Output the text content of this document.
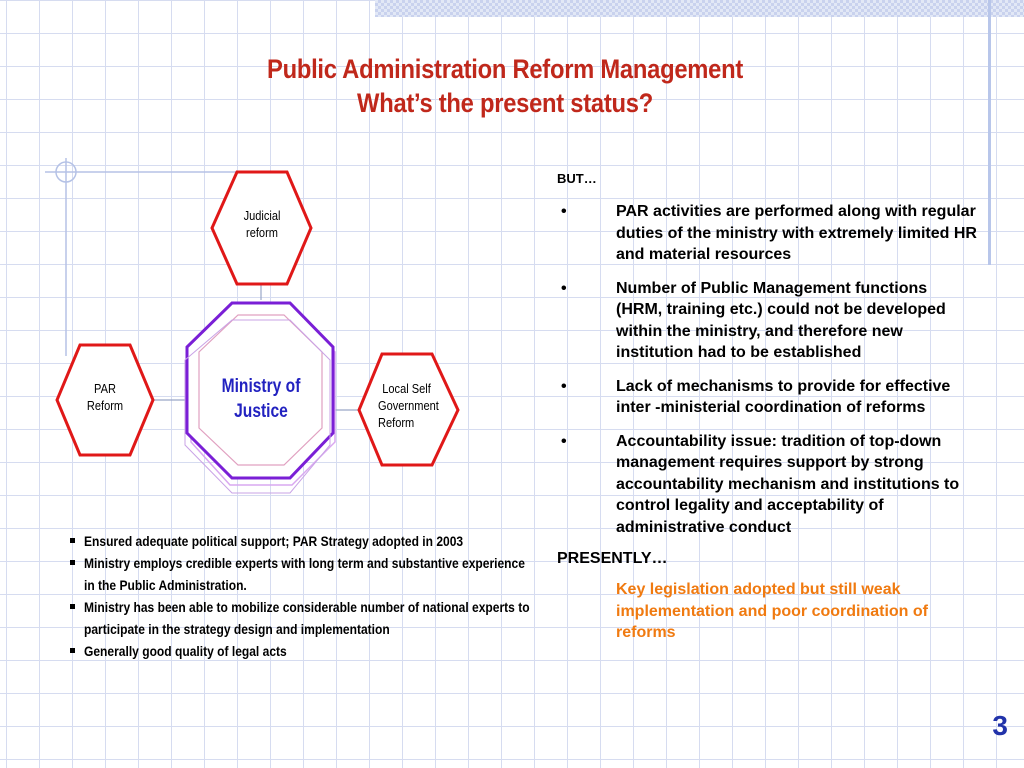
Public Administration Reform Management
What’s the present status?
Judicial
reform
PAR
Reform
Local Self
Government
Reform
Ministry of
Justice
Ensured adequate political support; PAR Strategy adopted in 2003
Ministry employs credible experts with long term and substantive experience in the Public Administration.
Ministry has been able to mobilize considerable number of national experts to participate in the strategy design and implementation
Generally good quality of legal acts
BUT…
•	PAR activities are performed along with regular duties of the ministry with extremely limited HR and material resources
•	Number of Public Management functions (HRM, training etc.) could not be developed within the ministry, and therefore new institution had to be established
•	Lack of mechanisms to provide for effective inter -ministerial coordination of reforms
•	Accountability issue: tradition of top-down management requires support by strong accountability mechanism and institutions to control legality and acceptability of administrative conduct
PRESENTLY…
Key legislation adopted but still weak implementation and poor coordination of reforms
3
